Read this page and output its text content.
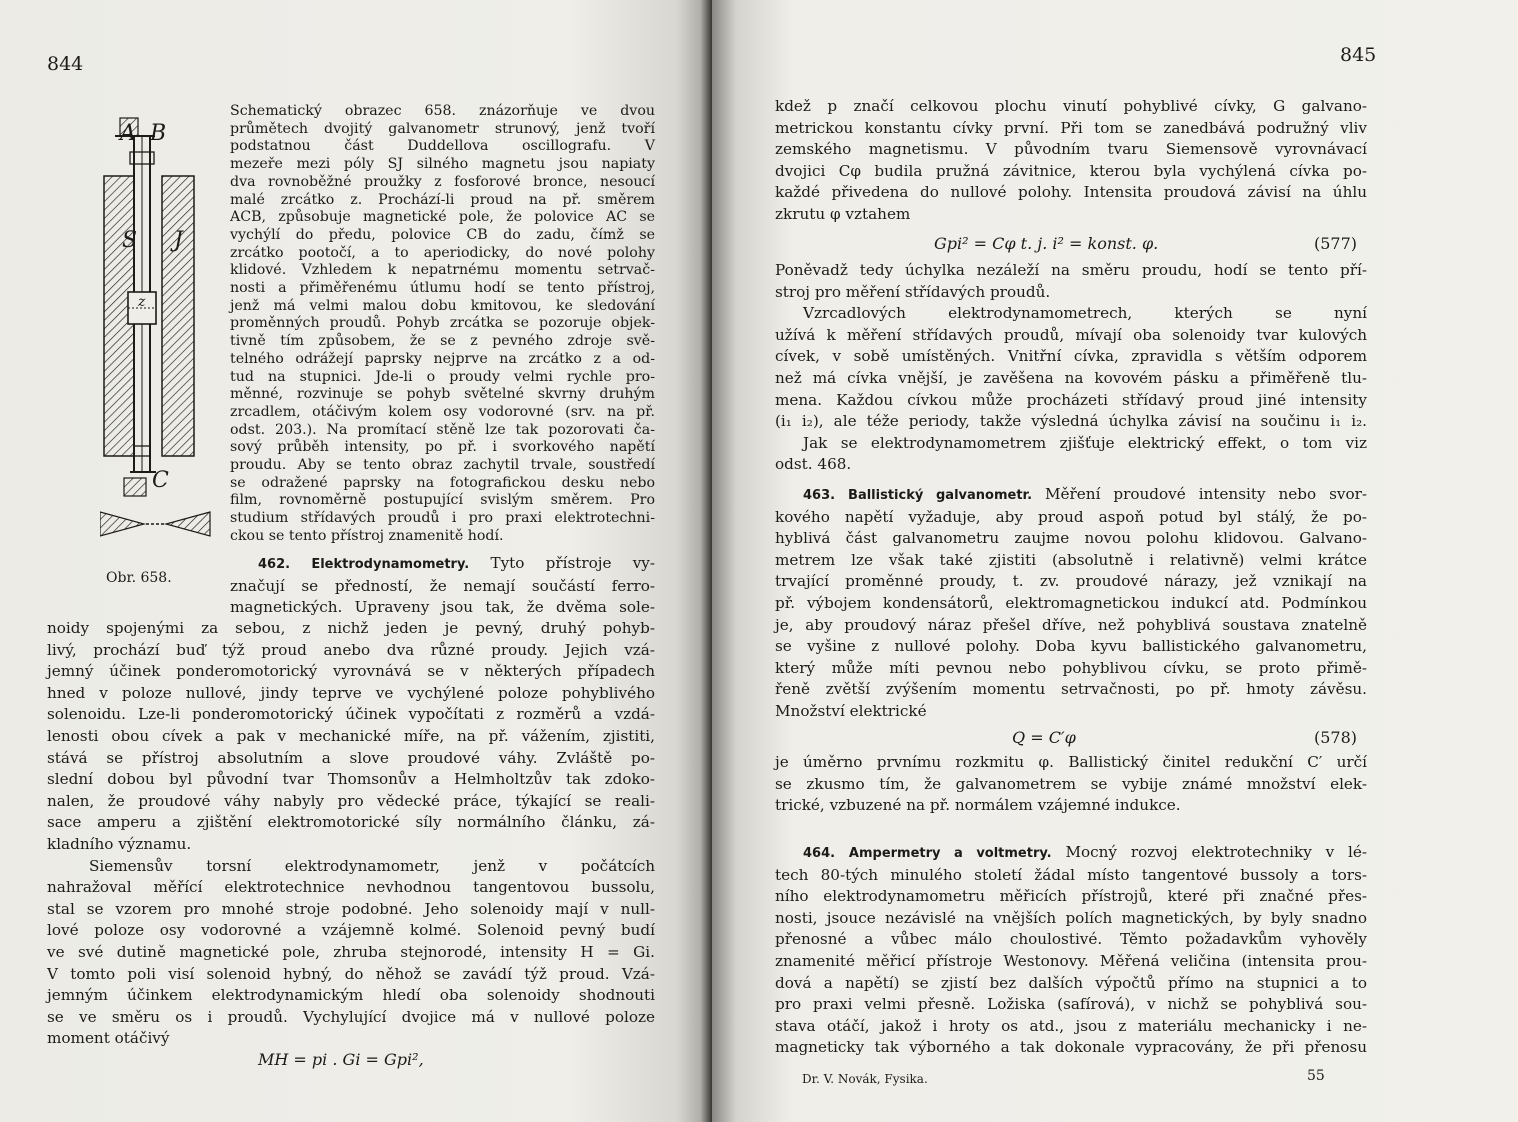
844
A B
S J
z
C
Obr. 658.
Schematický obrazec 658. znázorňuje ve dvou
průmětech dvojitý galvanometr strunový, jenž tvoří
podstatnou část Duddellova oscillografu. V
mezeře mezi póly SJ silného magnetu jsou napiaty
dva rovnoběžné proužky z fosforové bronce, nesoucí
malé zrcátko z. Prochází-li proud na př. směrem
ACB, způsobuje magnetické pole, že polovice AC se
vychýlí do předu, polovice CB do zadu, čímž se
zrcátko pootočí, a to aperiodicky, do nové polohy
klidové. Vzhledem k nepatrnému momentu setrvač-
nosti a přiměřenému útlumu hodí se tento přístroj,
jenž má velmi malou dobu kmitovou, ke sledování
proměnných proudů. Pohyb zrcátka se pozoruje objek-
tivně tím způsobem, že se z pevného zdroje svě-
telného odrážejí paprsky nejprve na zrcátko z a od-
tud na stupnici. Jde-li o proudy velmi rychle pro-
měnné, rozvinuje se pohyb světelné skvrny druhým
zrcadlem, otáčivým kolem osy vodorovné (srv. na př.
odst. 203.). Na promítací stěně lze tak pozorovati ča-
sový průběh intensity, po př. i svorkového napětí
proudu. Aby se tento obraz zachytil trvale, soustředí
se odražené paprsky na fotografickou desku nebo
film, rovnoměrně postupující svislým směrem. Pro
studium střídavých proudů i pro praxi elektrotechni-
ckou se tento přístroj znamenitě hodí.
462. Elektrodynamometry. Tyto přístroje vy-
značují se předností, že nemají součástí ferro-
magnetických. Upraveny jsou tak, že dvěma sole-
noidy spojenými za sebou, z nichž jeden je pevný, druhý pohyb-
livý, prochází buď týž proud anebo dva různé proudy. Jejich vzá-
jemný účinek ponderomotorický vyrovnává se v některých případech
hned v poloze nullové, jindy teprve ve vychýlené poloze pohyblivého
solenoidu. Lze-li ponderomotorický účinek vypočítati z rozměrů a vzdá-
lenosti obou cívek a pak v mechanické míře, na př. vážením, zjistiti,
stává se přístroj absolutním a slove proudové váhy. Zvláště po-
slední dobou byl původní tvar Thomsonův a Helmholtzův tak zdoko-
nalen, že proudové váhy nabyly pro vědecké práce, týkající se reali-
sace amperu a zjištění elektromotorické síly normálního článku, zá-
kladního významu.
Siemensův torsní elektrodynamometr, jenž v počátcích
nahražoval měřící elektrotechnice nevhodnou tangentovou bussolu,
stal se vzorem pro mnohé stroje podobné. Jeho solenoidy mají v null-
lové poloze osy vodorovné a vzájemně kolmé. Solenoid pevný budí
ve své dutině magnetické pole, zhruba stejnorodé, intensity H = Gi.
V tomto poli visí solenoid hybný, do něhož se zavádí týž proud. Vzá-
jemným účinkem elektrodynamickým hledí oba solenoidy shodnouti
se ve směru os i proudů. Vychylující dvojice má v nullové poloze
moment otáčivý
MH = pi . Gi = Gpi²,
845
kdež p značí celkovou plochu vinutí pohyblivé cívky, G galvano-
metrickou konstantu cívky první. Při tom se zanedbává podružný vliv
zemského magnetismu. V původním tvaru Siemensově vyrovnávací
dvojici Cφ budila pružná závitnice, kterou byla vychýlená cívka po-
každé přivedena do nullové polohy. Intensita proudová závisí na úhlu
zkrutu φ vztahem
Gpi² = Cφ t. j. i² = konst. φ.	(577)
Poněvadž tedy úchylka nezáleží na směru proudu, hodí se tento pří-
stroj pro měření střídavých proudů.
Vzrcadlových elektrodynamometrech, kterých se nyní
užívá k měření střídavých proudů, mívají oba solenoidy tvar kulových
cívek, v sobě umístěných. Vnitřní cívka, zpravidla s větším odporem
než má cívka vnější, je zavěšena na kovovém pásku a přiměřeně tlu-
mena. Každou cívkou může procházeti střídavý proud jiné intensity
(i₁ i₂), ale téže periody, takže výsledná úchylka závisí na součinu i₁ i₂.
Jak se elektrodynamometrem zjišťuje elektrický effekt, o tom viz
odst. 468.
463. Ballistický galvanometr. Měření proudové intensity nebo svor-
kového napětí vyžaduje, aby proud aspoň potud byl stálý, že po-
hyblivá část galvanometru zaujme novou polohu klidovou. Galvano-
metrem lze však také zjistiti (absolutně i relativně) velmi krátce
trvající proměnné proudy, t. zv. proudové nárazy, jež vznikají na
př. výbojem kondensátorů, elektromagnetickou indukcí atd. Podmínkou
je, aby proudový náraz přešel dříve, než pohyblivá soustava znatelně
se vyšine z nullové polohy. Doba kyvu ballistického galvanometru,
který může míti pevnou nebo pohyblivou cívku, se proto přimě-
řeně zvětší zvýšením momentu setrvačnosti, po př. hmoty závěsu.
Množství elektrické
Q = C′φ	(578)
je úměrno prvnímu rozkmitu φ. Ballistický činitel redukční C′ určí
se zkusmo tím, že galvanometrem se vybije známé množství elek-
trické, vzbuzené na př. normálem vzájemné indukce.
464. Ampermetry a voltmetry. Mocný rozvoj elektrotechniky v lé-
tech 80-tých minulého století žádal místo tangentové bussoly a tors-
ního elektrodynamometru měřicích přístrojů, které při značné přes-
nosti, jsouce nezávislé na vnějších polích magnetických, by byly snadno
přenosné a vůbec málo choulostivé. Těmto požadavkům vyhověly
znamenité měřicí přístroje Westonovy. Měřená veličina (intensita prou-
dová a napětí) se zjistí bez dalších výpočtů přímo na stupnici a to
pro praxi velmi přesně. Ložiska (safírová), v nichž se pohyblivá sou-
stava otáčí, jakož i hroty os atd., jsou z materiálu mechanicky i ne-
magneticky tak výborného a tak dokonale vypracovány, že při přenosu
Dr. V. Novák, Fysika.	55
